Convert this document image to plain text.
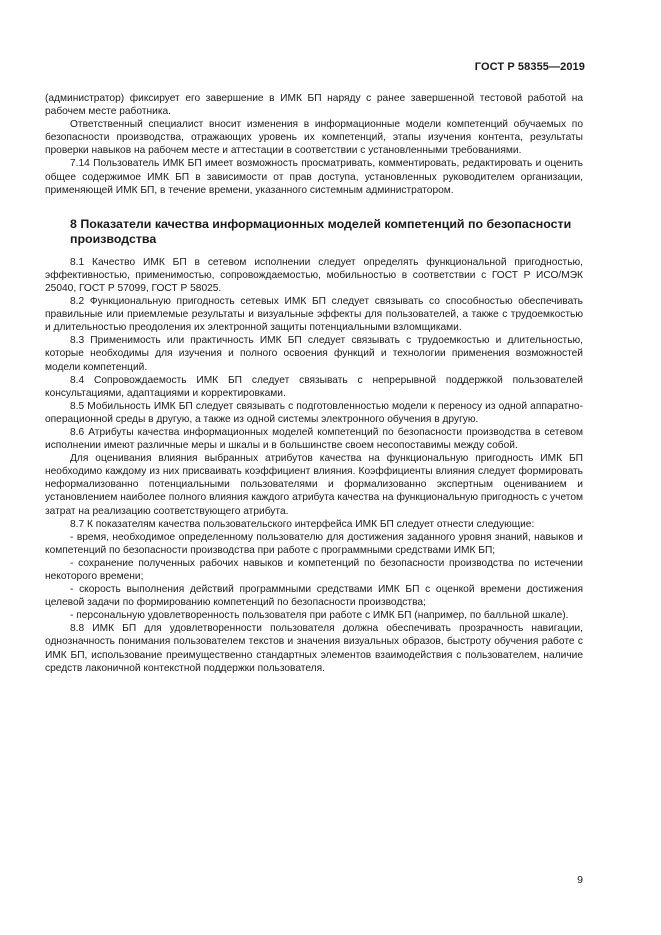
ГОСТ Р 58355—2019

(администратор) фиксирует его завершение в ИМК БП наряду с ранее завершенной тестовой работой на рабочем месте работника.

Ответственный специалист вносит изменения в информационные модели компетенций обучаемых по безопасности производства, отражающих уровень их компетенций, этапы изучения контента, результаты проверки навыков на рабочем месте и аттестации в соответствии с установленными требованиями.

7.14 Пользователь ИМК БП имеет возможность просматривать, комментировать, редактировать и оценить общее содержимое ИМК БП в зависимости от прав доступа, установленных руководителем организации, применяющей ИМК БП, в течение времени, указанного системным администратором.

8 Показатели качества информационных моделей компетенций по безопасности производства

8.1 Качество ИМК БП в сетевом исполнении следует определять функциональной пригодностью, эффективностью, применимостью, сопровождаемостью, мобильностью в соответствии с ГОСТ Р ИСО/МЭК 25040, ГОСТ Р 57099, ГОСТ Р 58025.

8.2 Функциональную пригодность сетевых ИМК БП следует связывать со способностью обеспечивать правильные или приемлемые результаты и визуальные эффекты для пользователей, а также с трудоемкостью и длительностью преодоления их электронной защиты потенциальными взломщиками.

8.3 Применимость или практичность ИМК БП следует связывать с трудоемкостью и длительностью, которые необходимы для изучения и полного освоения функций и технологии применения возможностей модели компетенций.

8.4 Сопровождаемость ИМК БП следует связывать с непрерывной поддержкой пользователей консультациями, адаптациями и корректировками.

8.5 Мобильность ИМК БП следует связывать с подготовленностью модели к переносу из одной аппаратно-операционной среды в другую, а также из одной системы электронного обучения в другую.

8.6 Атрибуты качества информационных моделей компетенций по безопасности производства в сетевом исполнении имеют различные меры и шкалы и в большинстве своем несопоставимы между собой.

Для оценивания влияния выбранных атрибутов качества на функциональную пригодность ИМК БП необходимо каждому из них присваивать коэффициент влияния. Коэффициенты влияния следует формировать неформализованно потенциальными пользователями и формализованно экспертным оцениванием и установлением наиболее полного влияния каждого атрибута качества на функциональную пригодность с учетом затрат на реализацию соответствующего атрибута.

8.7 К показателям качества пользовательского интерфейса ИМК БП следует отнести следующие:

- время, необходимое определенному пользователю для достижения заданного уровня знаний, навыков и компетенций по безопасности производства при работе с программными средствами ИМК БП;

- сохранение полученных рабочих навыков и компетенций по безопасности производства по истечении некоторого времени;

- скорость выполнения действий программными средствами ИМК БП с оценкой времени достижения целевой задачи по формированию компетенций по безопасности производства;

- персональную удовлетворенность пользователя при работе с ИМК БП (например, по балльной шкале).

8.8 ИМК БП для удовлетворенности пользователя должна обеспечивать прозрачность навигации, однозначность понимания пользователем текстов и значения визуальных образов, быстроту обучения работе с ИМК БП, использование преимущественно стандартных элементов взаимодействия с пользователем, наличие средств лаконичной контекстной поддержки пользователя.

9
